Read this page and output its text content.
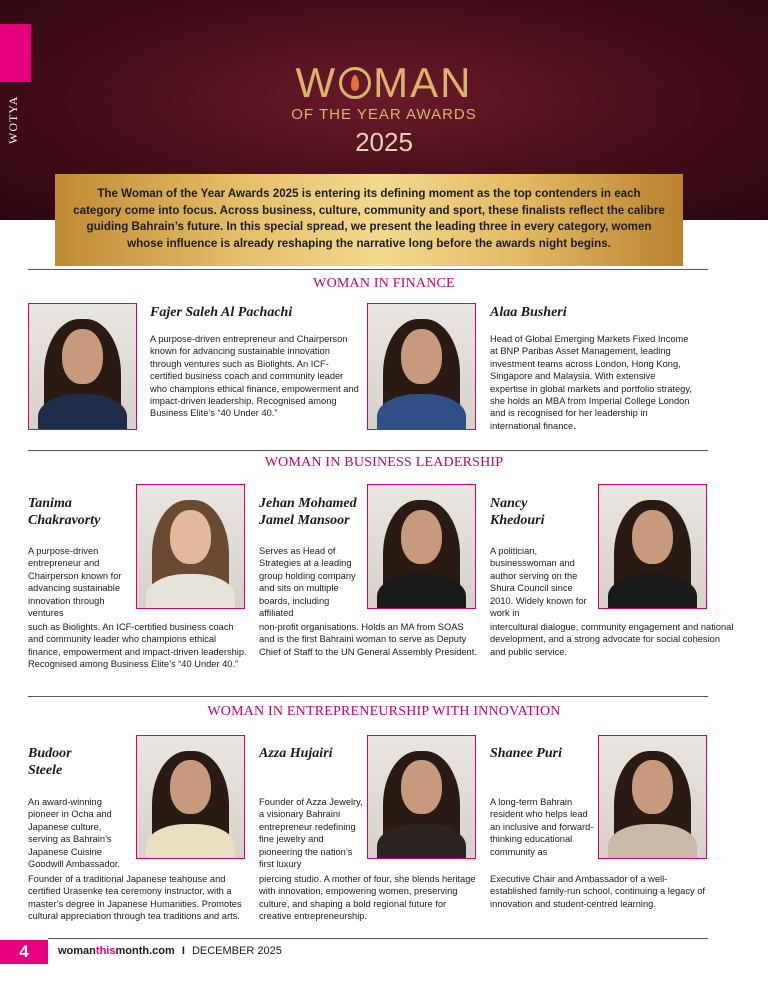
WOTYA
W MAN
OF THE YEAR AWARDS
2025
The Woman of the Year Awards 2025 is entering its defining moment as the top contenders in each category come into focus. Across business, culture, community and sport, these finalists reflect the calibre guiding Bahrain’s future. In this special spread, we present the leading three in every category, women whose influence is already reshaping the narrative long before the awards night begins.
WOMAN IN FINANCE
Fajer Saleh Al Pachachi
A purpose-driven entrepreneur and Chairperson known for advancing sustainable innovation through ventures such as Biolights. An ICF-certified business coach and community leader who champions ethical finance, empowerment and impact-driven leadership. Recognised among Business Elite’s “40 Under 40.”
Alaa Busheri
Head of Global Emerging Markets Fixed Income at BNP Paribas Asset Management, leading investment teams across London, Hong Kong, Singapore and Malaysia. With extensive expertise in global markets and portfolio strategy, she holds an MBA from Imperial College London and is recognised for her leadership in international finance.
WOMAN IN BUSINESS LEADERSHIP
Tanima
Chakravorty
A purpose-driven entrepreneur and Chairperson known for advancing sustainable innovation through ventures
such as Biolights. An ICF-certified business coach and community leader who champions ethical finance, empowerment and impact-driven leadership. Recognised among Business Elite’s “40 Under 40.”
Jehan Mohamed
Jamel Mansoor
Serves as Head of Strategies at a leading group holding company and sits on multiple boards, including affiliated
non-profit organisations. Holds an MA from SOAS and is the first Bahraini woman to serve as Deputy Chief of Staff to the UN General Assembly President.
Nancy
Khedouri
A politician, businesswoman and author serving on the Shura Council since 2010. Widely known for work in
intercultural dialogue, community engagement and national development, and a strong advocate for social cohesion and public service.
WOMAN IN ENTREPRENEURSHIP WITH INNOVATION
Budoor
Steele
An award-winning pioneer in Ocha and Japanese culture, serving as Bahrain’s Japanese Cuisine Goodwill Ambassador.
Founder of a traditional Japanese teahouse and certified Urasenke tea ceremony instructor, with a master’s degree in Japanese Humanities. Promotes cultural appreciation through tea traditions and arts.
Azza Hujairi
Founder of Azza Jewelry, a visionary Bahraini entrepreneur redefining fine jewelry and pioneering the nation’s first luxury
piercing studio. A mother of four, she blends heritage with innovation, empowering women, preserving culture, and shaping a bold regional future for creative entrepreneurship.
Shanee Puri
A long-term Bahrain resident who helps lead an inclusive and forward-thinking educational community as
Executive Chair and Ambassador of a well-established family-run school, continuing a legacy of innovation and student-centred learning.
4	womanthismonth.com I DECEMBER 2025
